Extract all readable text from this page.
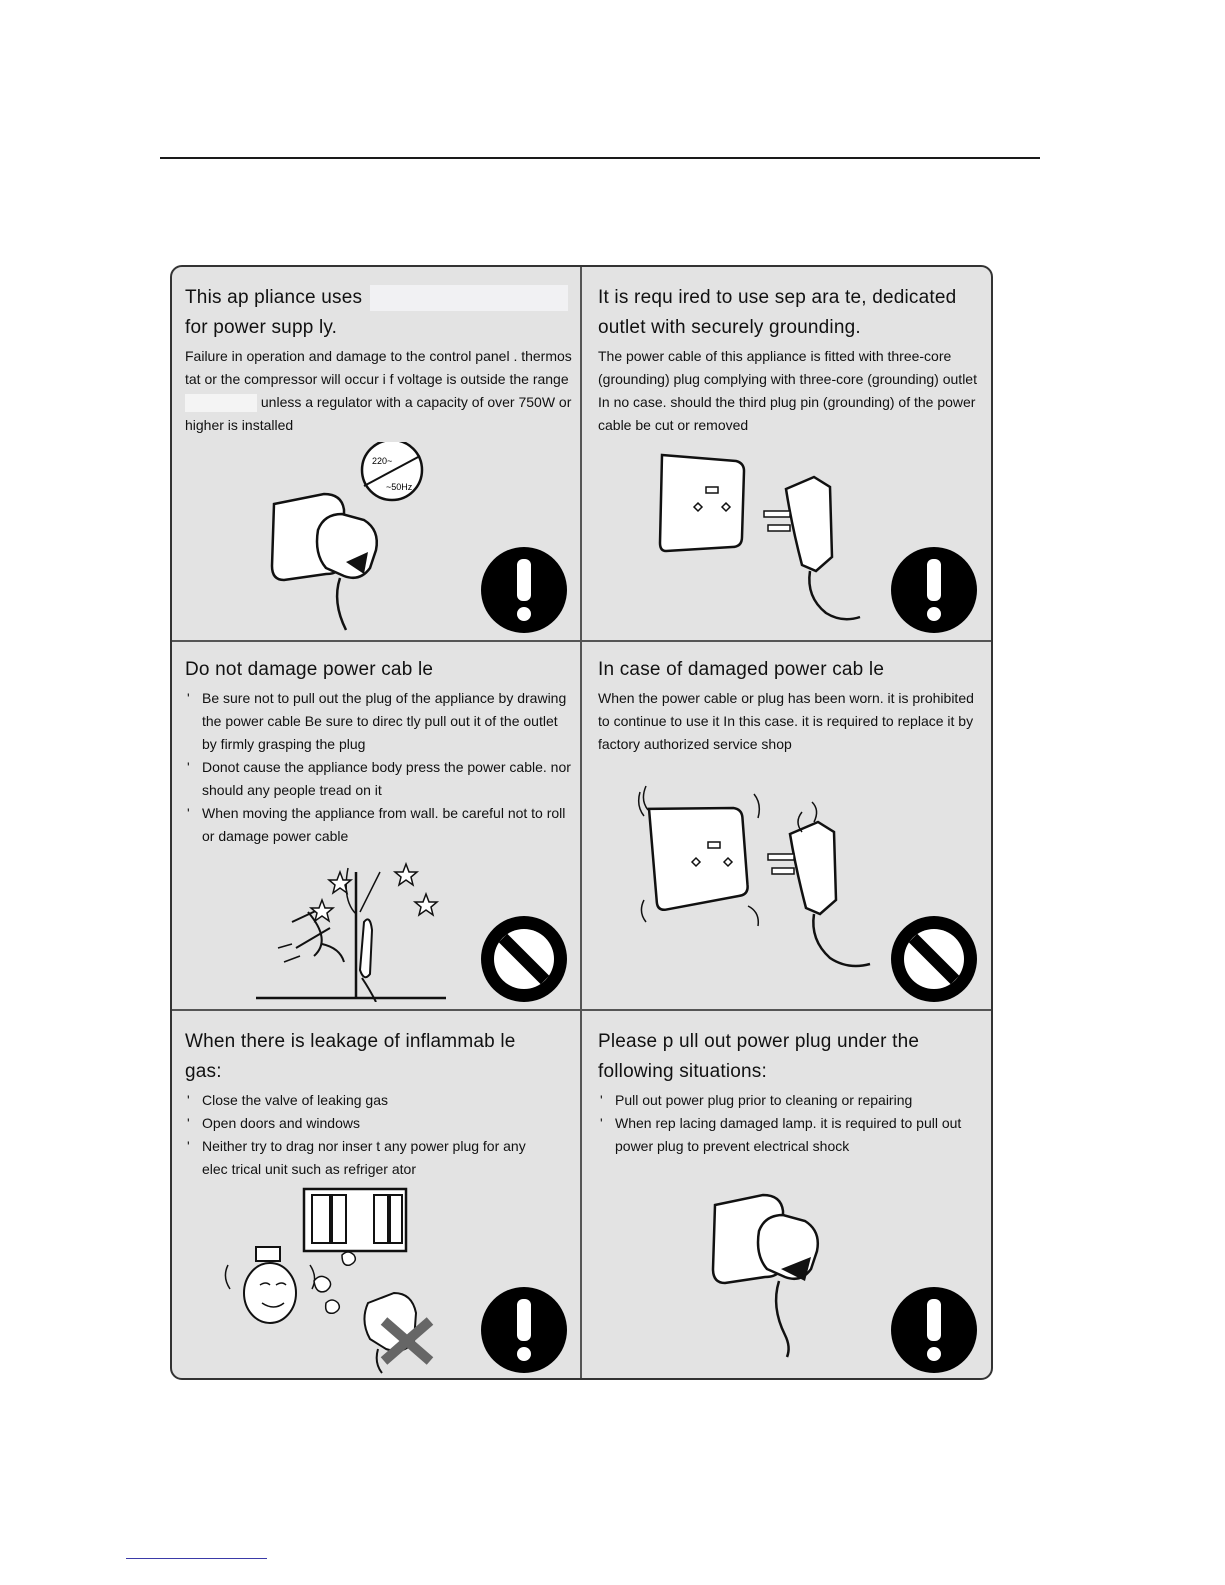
This ap pliance uses
for power supp ly.

Failure in operation and damage to the control panel . thermos tat or the compressor will occur i f voltage is outside the range  unless a regulator with a capacity of over 750W or higher is installed

220~
~50Hz
It is requ ired to use sep ara te, dedicated outlet with securely grounding.

The power cable of this appliance is fitted with three-core (grounding) plug complying with three-core (grounding) outlet In no case. should the third plug pin (grounding) of the power cable be cut or removed

Do not damage power cab le
' Be sure not to pull out the plug of the appliance by drawing the power cable Be sure to direc tly pull out it of the outlet by firmly grasping the plug
' Donot cause the appliance body press the power cable. nor should any people tread on it
' When moving the appliance from wall. be careful not to roll or damage power cable
In case of damaged power cab le

When the power cable or plug has been worn. it is prohibited to continue to use it In this case. it is required to replace it by factory authorized service shop

When there is leakage of inflammab le gas:
' Close the valve of leaking gas
' Open doors and windows
' Neither try to drag nor inser t any power plug for any elec trical unit such as refriger ator
Please p ull out power plug under the following situations:
' Pull out power plug prior to cleaning or repairing
' When rep lacing damaged lamp. it is required to pull out power plug to prevent electrical shock
